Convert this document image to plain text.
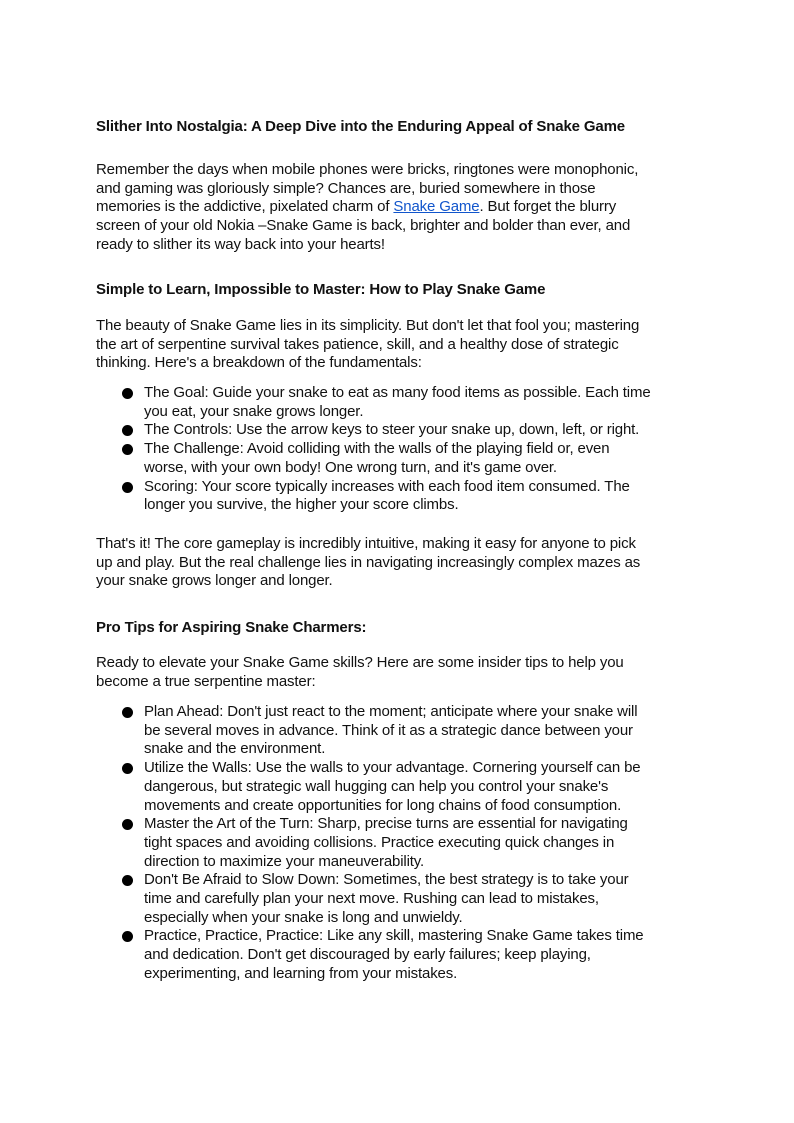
Slither Into Nostalgia: A Deep Dive into the Enduring Appeal of Snake Game
Remember the days when mobile phones were bricks, ringtones were monophonic,
and gaming was gloriously simple? Chances are, buried somewhere in those
memories is the addictive, pixelated charm of Snake Game. But forget the blurry
screen of your old Nokia –Snake Game is back, brighter and bolder than ever, and
ready to slither its way back into your hearts!
Simple to Learn, Impossible to Master: How to Play Snake Game
The beauty of Snake Game lies in its simplicity. But don't let that fool you; mastering
the art of serpentine survival takes patience, skill, and a healthy dose of strategic
thinking. Here's a breakdown of the fundamentals:
The Goal: Guide your snake to eat as many food items as possible. Each time
you eat, your snake grows longer.
The Controls: Use the arrow keys to steer your snake up, down, left, or right.
The Challenge: Avoid colliding with the walls of the playing field or, even
worse, with your own body! One wrong turn, and it's game over.
Scoring: Your score typically increases with each food item consumed. The
longer you survive, the higher your score climbs.
That's it! The core gameplay is incredibly intuitive, making it easy for anyone to pick
up and play. But the real challenge lies in navigating increasingly complex mazes as
your snake grows longer and longer.
Pro Tips for Aspiring Snake Charmers:
Ready to elevate your Snake Game skills? Here are some insider tips to help you
become a true serpentine master:
Plan Ahead: Don't just react to the moment; anticipate where your snake will
be several moves in advance. Think of it as a strategic dance between your
snake and the environment.
Utilize the Walls: Use the walls to your advantage. Cornering yourself can be
dangerous, but strategic wall hugging can help you control your snake's
movements and create opportunities for long chains of food consumption.
Master the Art of the Turn: Sharp, precise turns are essential for navigating
tight spaces and avoiding collisions. Practice executing quick changes in
direction to maximize your maneuverability.
Don't Be Afraid to Slow Down: Sometimes, the best strategy is to take your
time and carefully plan your next move. Rushing can lead to mistakes,
especially when your snake is long and unwieldy.
Practice, Practice, Practice: Like any skill, mastering Snake Game takes time
and dedication. Don't get discouraged by early failures; keep playing,
experimenting, and learning from your mistakes.
